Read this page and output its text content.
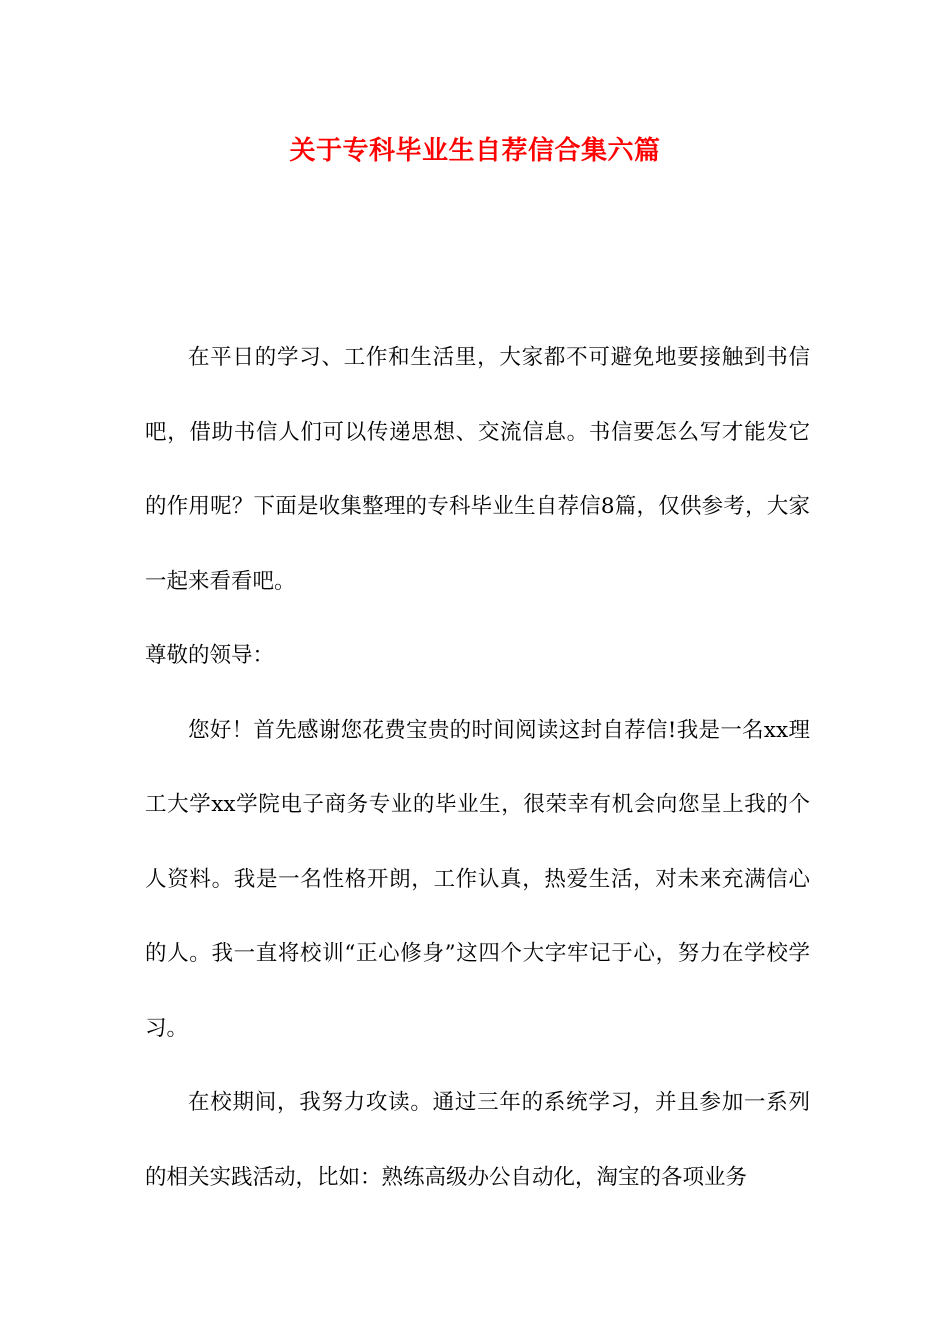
关于专科毕业生自荐信合集六篇

在平日的学习、工作和生活里，大家都不可避免地要接触到书信吧，借助书信人们可以传递思想、交流信息。书信要怎么写才能发它的作用呢？下面是收集整理的专科毕业生自荐信8篇，仅供参考，大家一起来看看吧。

尊敬的领导：

您好！首先感谢您花费宝贵的时间阅读这封自荐信!我是一名xx理工大学xx学院电子商务专业的毕业生，很荣幸有机会向您呈上我的个人资料。我是一名性格开朗，工作认真，热爱生活，对未来充满信心的人。我一直将校训“正心修身”这四个大字牢记于心，努力在学校学习。

在校期间，我努力攻读。通过三年的系统学习，并且参加一系列的相关实践活动，比如：熟练高级办公自动化，淘宝的各项业务
